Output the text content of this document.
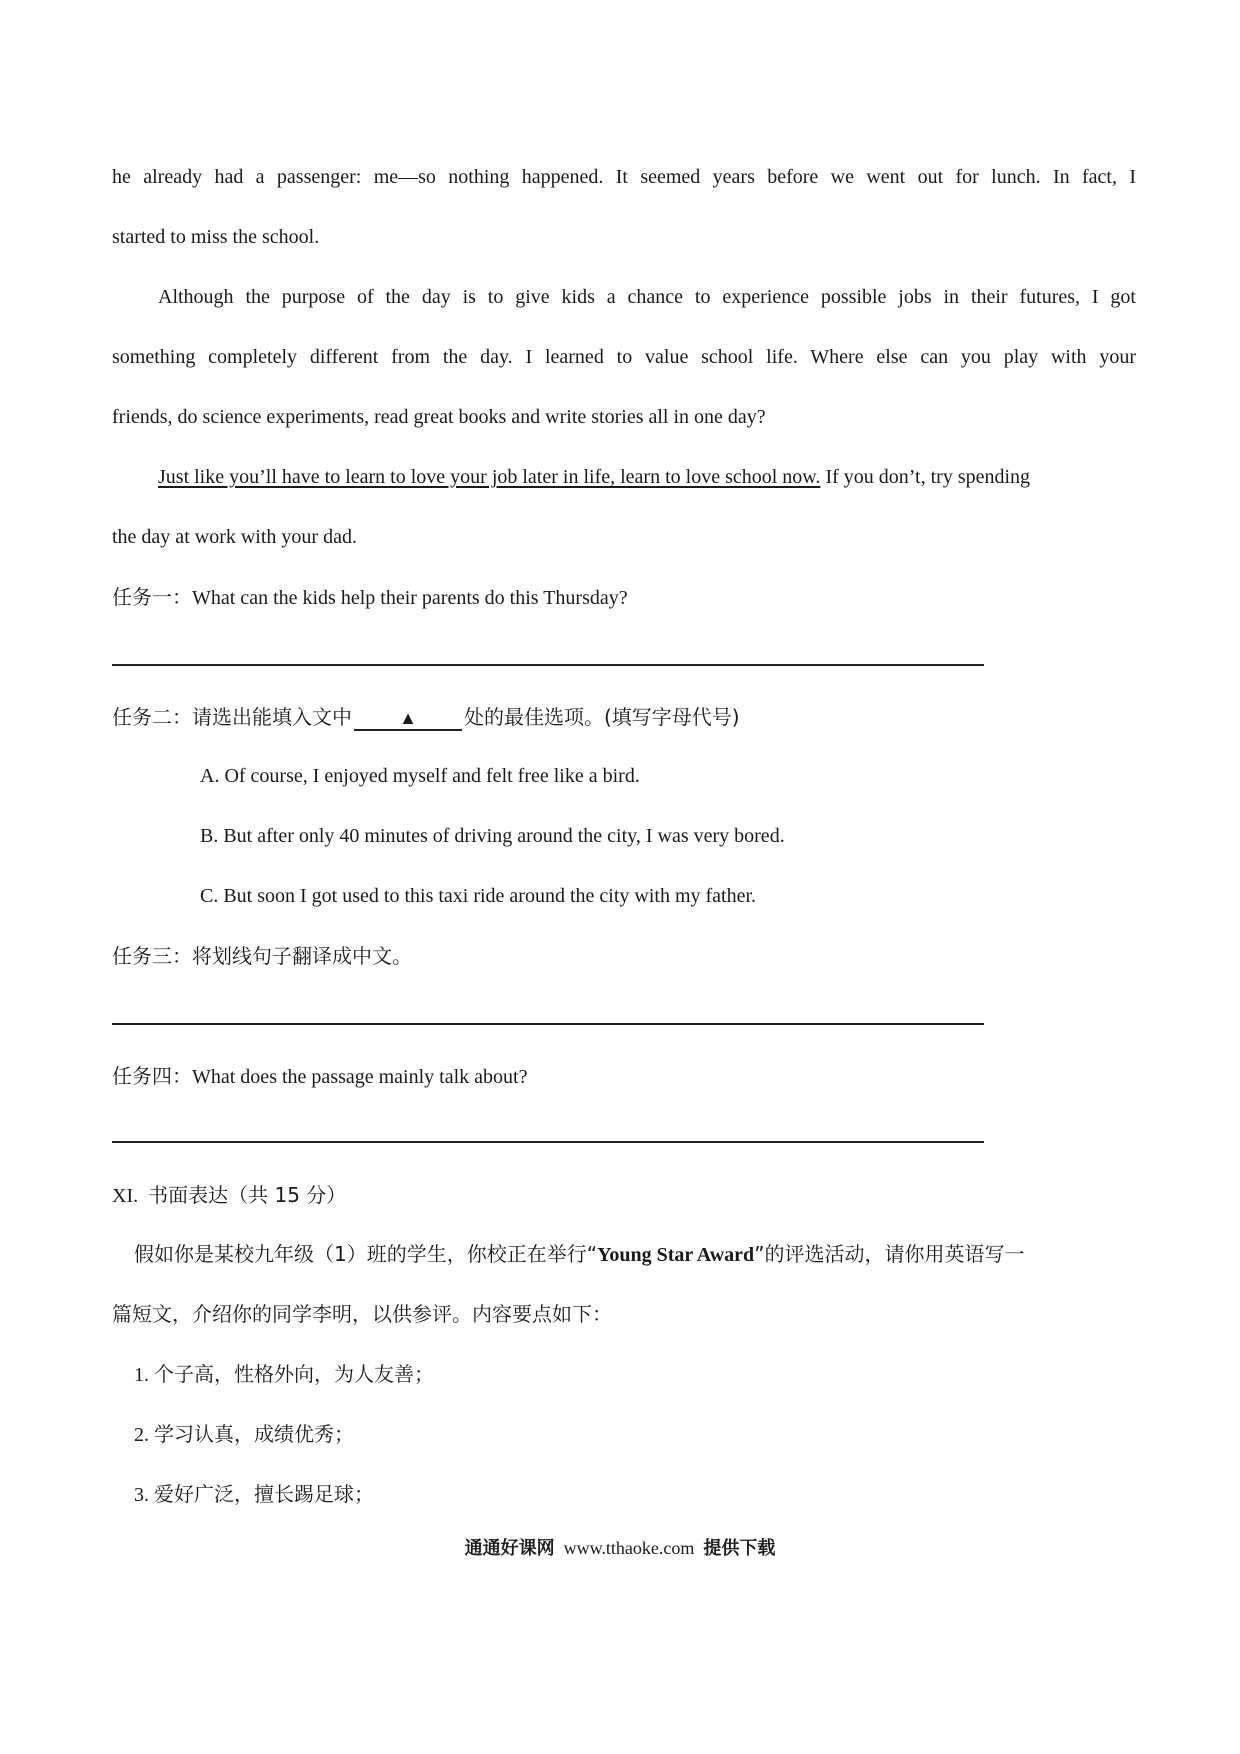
he already had a passenger: me—so nothing happened. It seemed years before we went out for lunch. In fact, I
started to miss the school.
Although the purpose of the day is to give kids a chance to experience possible jobs in their futures, I got
something completely different from the day. I learned to value school life. Where else can you play with your
friends, do science experiments, read great books and write stories all in one day?
Just like you’ll have to learn to love your job later in life, learn to love school now. If you don’t, try spending
the day at work with your dad.
任务一：What can the kids help their parents do this Thursday?
任务二：请选出能填入文中	▲ 处的最佳选项。(填写字母代号)
A. Of course, I enjoyed myself and felt free like a bird.
B. But after only 40 minutes of driving around the city, I was very bored.
C. But soon I got used to this taxi ride around the city with my father.
任务三：将划线句子翻译成中文。
任务四：What does the passage mainly talk about?
XI. 书面表达（共 15 分）
假如你是某校九年级（1）班的学生，你校正在举行“Young Star Award”的评选活动，请你用英语写一
篇短文，介绍你的同学李明，以供参评。内容要点如下：
1. 个子高，性格外向，为人友善；
2. 学习认真，成绩优秀；
3. 爱好广泛，擅长踢足球；
通通好课网 www.tthaoke.com 提供下载
